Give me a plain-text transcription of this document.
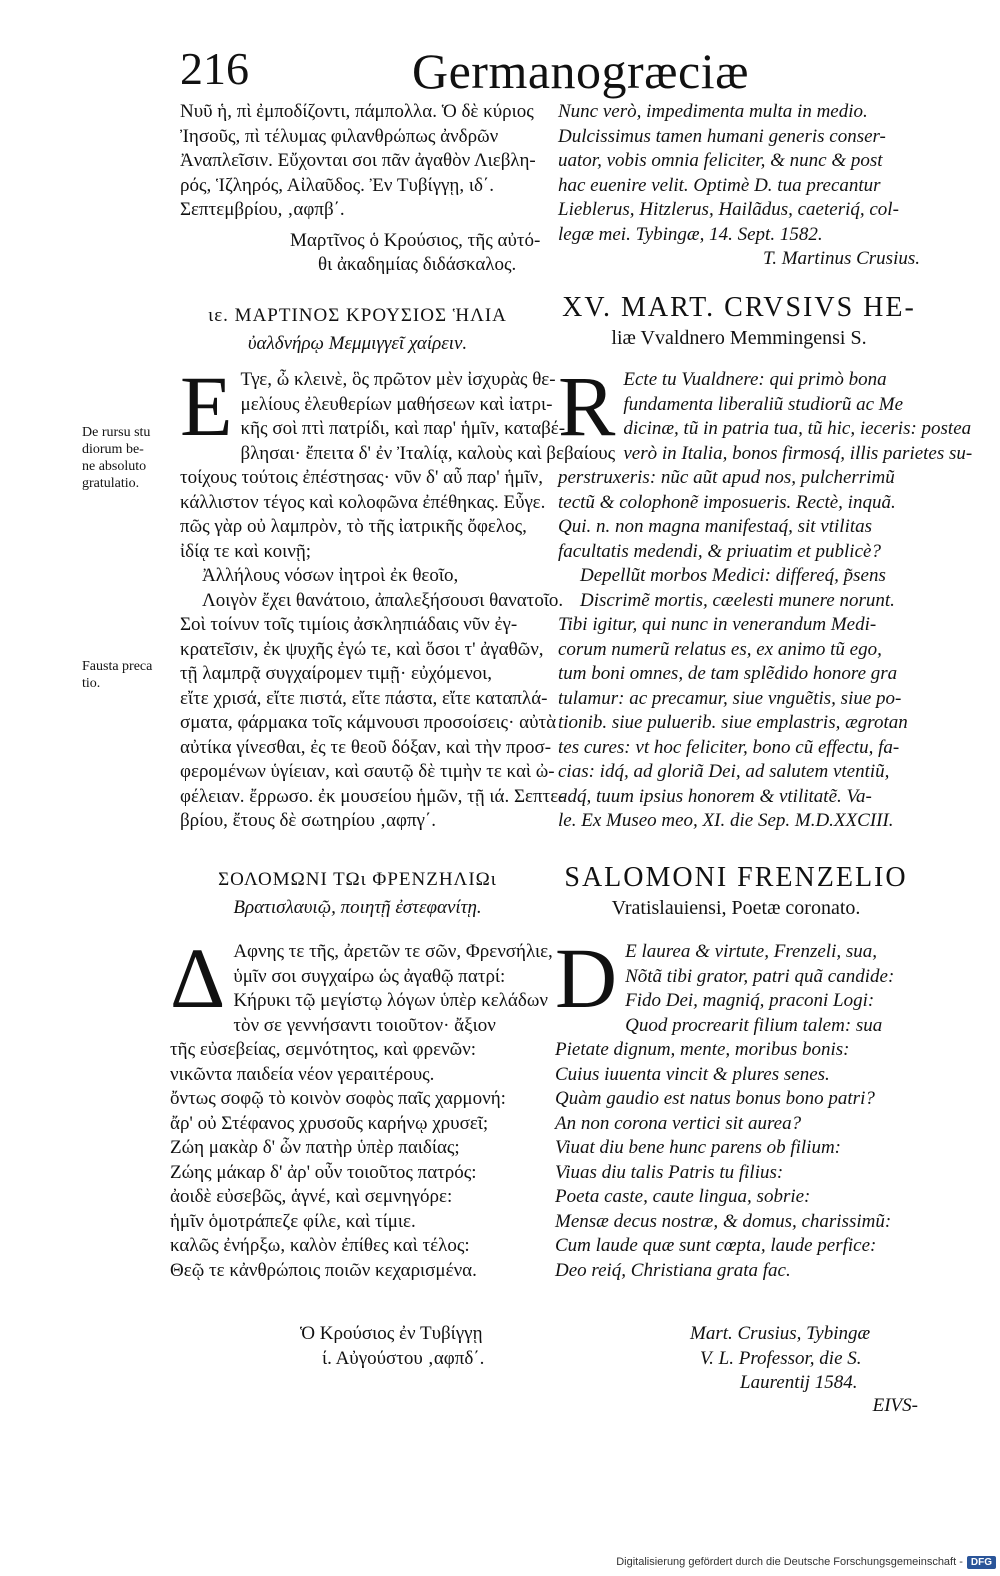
216	Germanogræciæ
Νυῦ ἡ, πὶ ἐμποδίζοντι, πάμπολλα. Ὁ δὲ κύριος
Ἰησοῦς, πὶ τέλυμας φιλανθρώπως ἀνδρῶν
Ἀναπλεῖσιν. Εὔχονται σοι πᾶν ἀγαθὸν Λιεβλη-
ρός, Ἱζληρός, Αἰλαῦδος. Ἐν Τυβίγγῃ, ιδ΄.
Σεπτεμβρίου, ‚αφπβ΄.
Μαρτῖνος ὁ Κρούσιος, τῆς αὐτό-
θι ἀκαδημίας διδάσκαλος.
Nunc verò, impedimenta multa in medio.
Dulcissimus tamen humani generis conser-
uator, vobis omnia feliciter, & nunc & post
hac euenire velit. Optimè D. tua precantur
Lieblerus, Hitzlerus, Hailãdus, caeteriq́, col-
legæ mei. Tybingæ, 14. Sept. 1582.
T. Martinus Crusius.
ιε. ΜΑΡΤΙΝΟΣ ΚΡΟΥΣΙΟΣ ἩΛΙΑ
ὐαλδνήρῳ Μεμμιγγεῖ χαίρειν.
XV. MART. CRVSIVS HE-
liæ Vvaldnero Memmingensi S.
De rursu stu
diorum be-
ne absoluto
gratulatio.
Fausta preca
tio.
E Τγε, ὦ κλεινὲ, ὃς πρῶτον μὲν ἰσχυρὰς θε-
μελίους ἐλευθερίων μαθήσεων καὶ ἰατρι-
κῆς σοὶ πτὶ πατρίδι, καὶ παρ' ἡμῖν, καταβέ-
βλησαι· ἔπειτα δ' ἐν Ἰταλίᾳ, καλοὺς καὶ βεβαίους
τοίχους τούτοις ἐπέστησας· νῦν δ' αὖ παρ' ἡμῖν,
κάλλιστον τέγος καὶ κολοφῶνα ἐπέθηκας. Εὖγε.
πῶς γὰρ οὐ λαμπρὸν, τὸ τῆς ἰατρικῆς ὄφελος,
ἰδίᾳ τε καὶ κοινῇ;
Ἀλλήλους νόσων ἰητροὶ ἐκ θεοῖο,
Λοιγὸν ἔχει θανάτοιο, ἀπαλεξήσουσι θανατοῖο.
Σοὶ τοίνυν τοῖς τιμίοις ἀσκληπιάδαις νῦν ἐγ-
κρατεῖσιν, ἐκ ψυχῆς ἐγώ τε, καὶ ὅσοι τ' ἀγαθῶν,
τῇ λαμπρᾷ συγχαίρομεν τιμῇ· εὐχόμενοι,
εἴτε χρισά, εἴτε πιστά, εἴτε πάστα, εἴτε καταπλά-
σματα, φάρμακα τοῖς κάμνουσι προσοίσεις· αὐτὰ
αὐτίκα γίνεσθαι, ἐς τε θεοῦ δόξαν, καὶ τὴν προσ-
φερομένων ὑγίειαν, καὶ σαυτῷ δὲ τιμὴν τε καὶ ὠ-
φέλειαν. ἔρρωσο. ἐκ μουσείου ἡμῶν, τῇ ιά. Σεπτε-
βρίου, ἔτους δὲ σωτηρίου ‚αφπγ΄.
R Ecte tu Vualdnere: qui primò bona
fundamenta liberaliũ studiorũ ac Me
dicinæ, tũ in patria tua, tũ hic, ieceris: postea
verò in Italia, bonos firmosq́, illis parietes su-
perstruxeris: nũc aũt apud nos, pulcherrimũ
tectũ & colophonẽ imposueris. Rectè, inquã.
Qui. n. non magna manifestaq́, sit vtilitas
facultatis medendi, & priuatim et publicè?
Depellũt morbos Medici: differeq́, p̃sens
Discrimẽ mortis, cæelesti munere norunt.
Tibi igitur, qui nunc in venerandum Medi-
corum numerũ relatus es, ex animo tũ ego,
tum boni omnes, de tam splẽdido honore gra
tulamur: ac precamur, siue vnguẽtis, siue po-
tionib. siue puluerib. siue emplastris, ægrotan
tes cures: vt hoc feliciter, bono cũ effectu, fa-
cias: idq́, ad gloriã Dei, ad salutem vtentiũ,
adq́, tuum ipsius honorem & vtilitatẽ. Va-
le. Ex Museo meo, XI. die Sep. M.D.XXCIII.
ΣΟΛΟΜΩΝΙ ΤΩι ΦΡΕΝΖΗΛΙΩι
Βρατισλαυιῷ, ποιητῇ ἐστεφανίτῃ.
SALOMONI FRENZELIO
Vratislauiensi, Poetæ coronato.
Δ Αφνης τε τῆς, ἀρετῶν τε σῶν, Φρενσήλιε,
ὑμῖν σοι συγχαίρω ὡς ἀγαθῷ πατρί:
Κήρυκι τῷ μεγίστῳ λόγων ὑπὲρ κελάδων
τὸν σε γεννήσαντι τοιοῦτον· ἄξιον
τῆς εὐσεβείας, σεμνότητος, καὶ φρενῶν:
νικῶντα παιδεία νέον γεραιτέρους.
ὄντως σοφῷ τὸ κοινὸν σοφὸς παῖς χαρμονή:
ἄρ' οὐ Στέφανος χρυσοῦς καρήνῳ χρυσεῖ;
Ζώη μακὰρ δ' ὧν πατὴρ ὑπὲρ παιδίας;
Ζώης μάκαρ δ' ἀρ' οὖν τοιοῦτος πατρός:
ἀοιδὲ εὐσεβῶς, ἁγνέ, καὶ σεμνηγόρε:
ἡμῖν ὁμοτράπεζε φίλε, καὶ τίμιε.
καλῶς ἐνήρξω, καλὸν ἐπίθες καὶ τέλος:
Θεῷ τε κἀνθρώποις ποιῶν κεχαρισμένα.
Ὁ Κρούσιος ἐν Τυβίγγῃ
ί. Αὐγούστου ‚αφπδ΄.
D E laurea & virtute, Frenzeli, sua,
Nõtã tibi grator, patri quã candide:
Fido Dei, magniq́, praconi Logi:
Quod procrearit filium talem: sua
Pietate dignum, mente, moribus bonis:
Cuius iuuenta vincit & plures senes.
Quàm gaudio est natus bonus bono patri?
An non corona vertici sit aurea?
Viuat diu bene hunc parens ob filium:
Viuas diu talis Patris tu filius:
Poeta caste, caute lingua, sobrie:
Mensæ decus nostræ, & domus, charissimũ:
Cum laude quæ sunt cœpta, laude perfice:
Deo reiq́, Christiana grata fac.
Mart. Crusius, Tybingæ
V. L. Professor, die S.
Laurentij 1584.
EIVS-
Digitalisierung gefördert durch die Deutsche Forschungsgemeinschaft - DFG
